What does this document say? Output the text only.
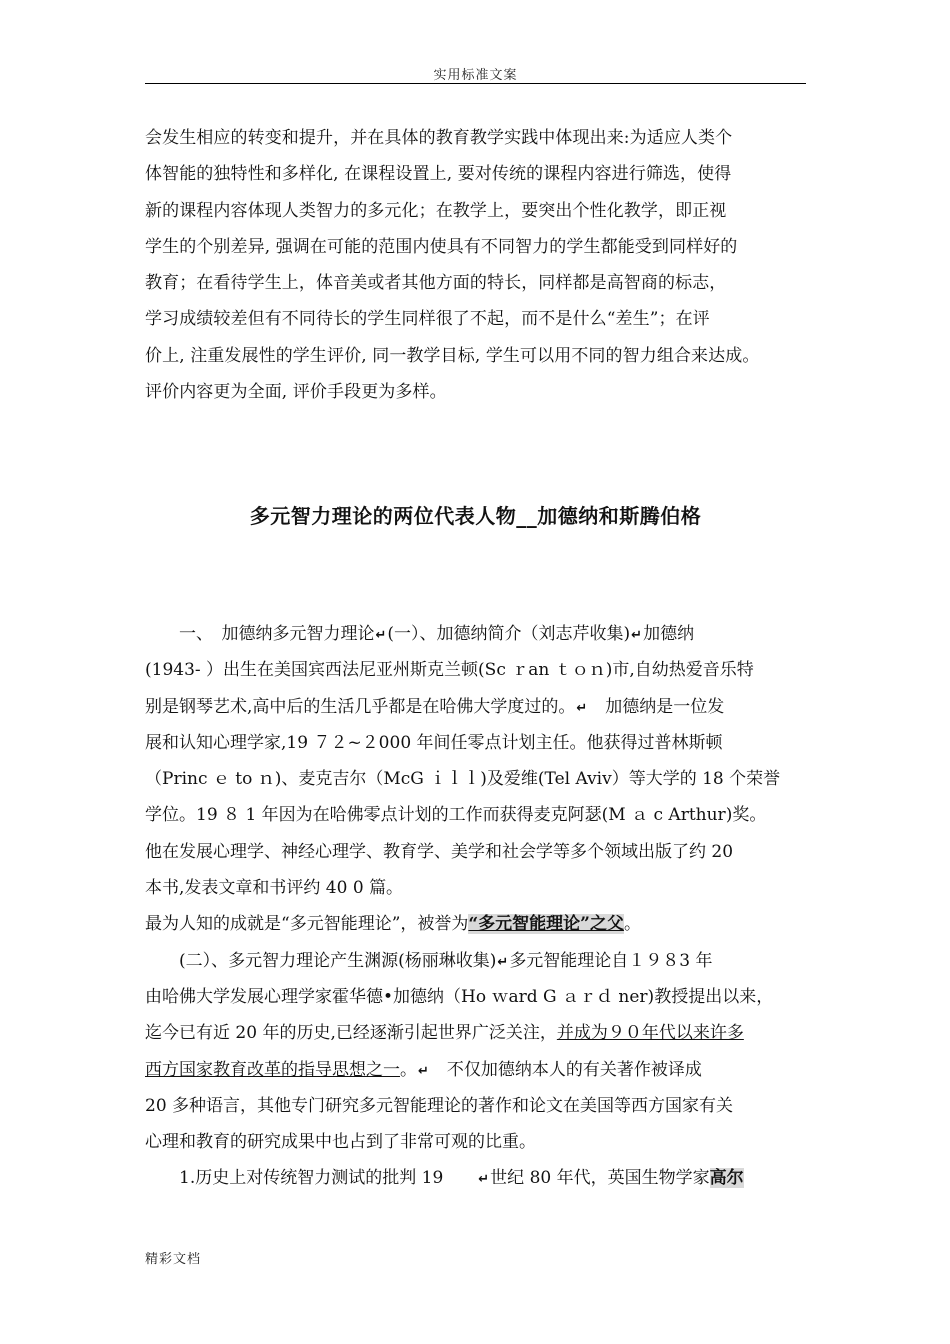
实用标准文案
会发生相应的转变和提升，并在具体的教育教学实践中体现出来:为适应人类个
体智能的独特性和多样化, 在课程设置上, 要对传统的课程内容进行筛选，使得
新的课程内容体现人类智力的多元化；在教学上，要突出个性化教学，即正视
学生的个别差异, 强调在可能的范围内使具有不同智力的学生都能受到同样好的
教育；在看待学生上，体音美或者其他方面的特长，同样都是高智商的标志，
学习成绩较差但有不同待长的学生同样很了不起，而不是什么“差生”；在评
价上, 注重发展性的学生评价, 同一教学目标, 学生可以用不同的智力组合来达成。
评价内容更为全面, 评价手段更为多样。
多元智力理论的两位代表人物__加德纳和斯腾伯格
　　一、　加德纳多元智力理论↵(一）、加德纳简介（刘志芹收集)↵加德纳
(1943- ）出生在美国宾西法尼亚州斯克兰顿(Sc ｒan ｔｏｎ)市,自幼热爱音乐特
别是钢琴艺术,高中后的生活几乎都是在哈佛大学度过的。↵　加德纳是一位发
展和认知心理学家,19 ７２~２000 年间任零点计划主任。他获得过普林斯顿
（Princ ｅ to ｎ)、麦克吉尔（McG ｉｌｌ)及爱维(Tel Aviv）等大学的 18 个荣誉
学位。19 ８ 1 年因为在哈佛零点计划的工作而获得麦克阿瑟(M ａ c Arthur)奖。
他在发展心理学、神经心理学、教育学、美学和社会学等多个领域出版了约 20
本书,发表文章和书评约 40 0 篇。
最为人知的成就是“多元智能理论”，被誉为“多元智能理论”之父。
　　(二）、多元智力理论产生渊源(杨丽琳收集)↵多元智能理论自１９８3 年
由哈佛大学发展心理学家霍华德•加德纳（Ho ｗard G ａｒｄ ner)教授提出以来，
迄今已有近 20 年的历史,已经逐渐引起世界广泛关注，并成为９０年代以来许多
西方国家教育改革的指导思想之一。↵　不仅加德纳本人的有关著作被译成
20 多种语言，其他专门研究多元智能理论的著作和论文在美国等西方国家有关
心理和教育的研究成果中也占到了非常可观的比重。
　　1.历史上对传统智力测试的批判 19　　↵世纪 80 年代，英国生物学家高尔
精彩文档
